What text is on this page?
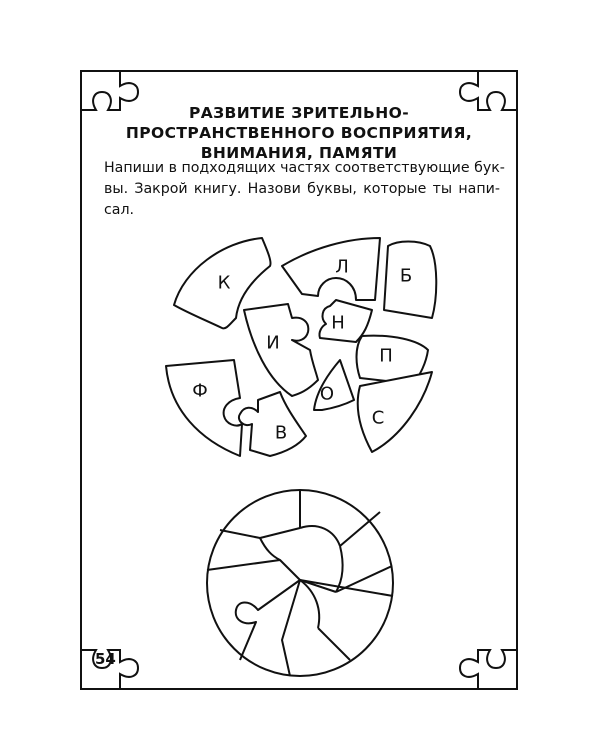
РАЗВИТИЕ ЗРИТЕЛЬНО-
ПРОСТРАНСТВЕННОГО ВОСПРИЯТИЯ,
ВНИМАНИЯ, ПАМЯТИ
Напиши в подходящих частях соответствующие бук-
вы. Закрой книгу. Назови буквы, которые ты напи-
сал.
К
Л	Б
Н
И
П
Ф	О
С
В
54
